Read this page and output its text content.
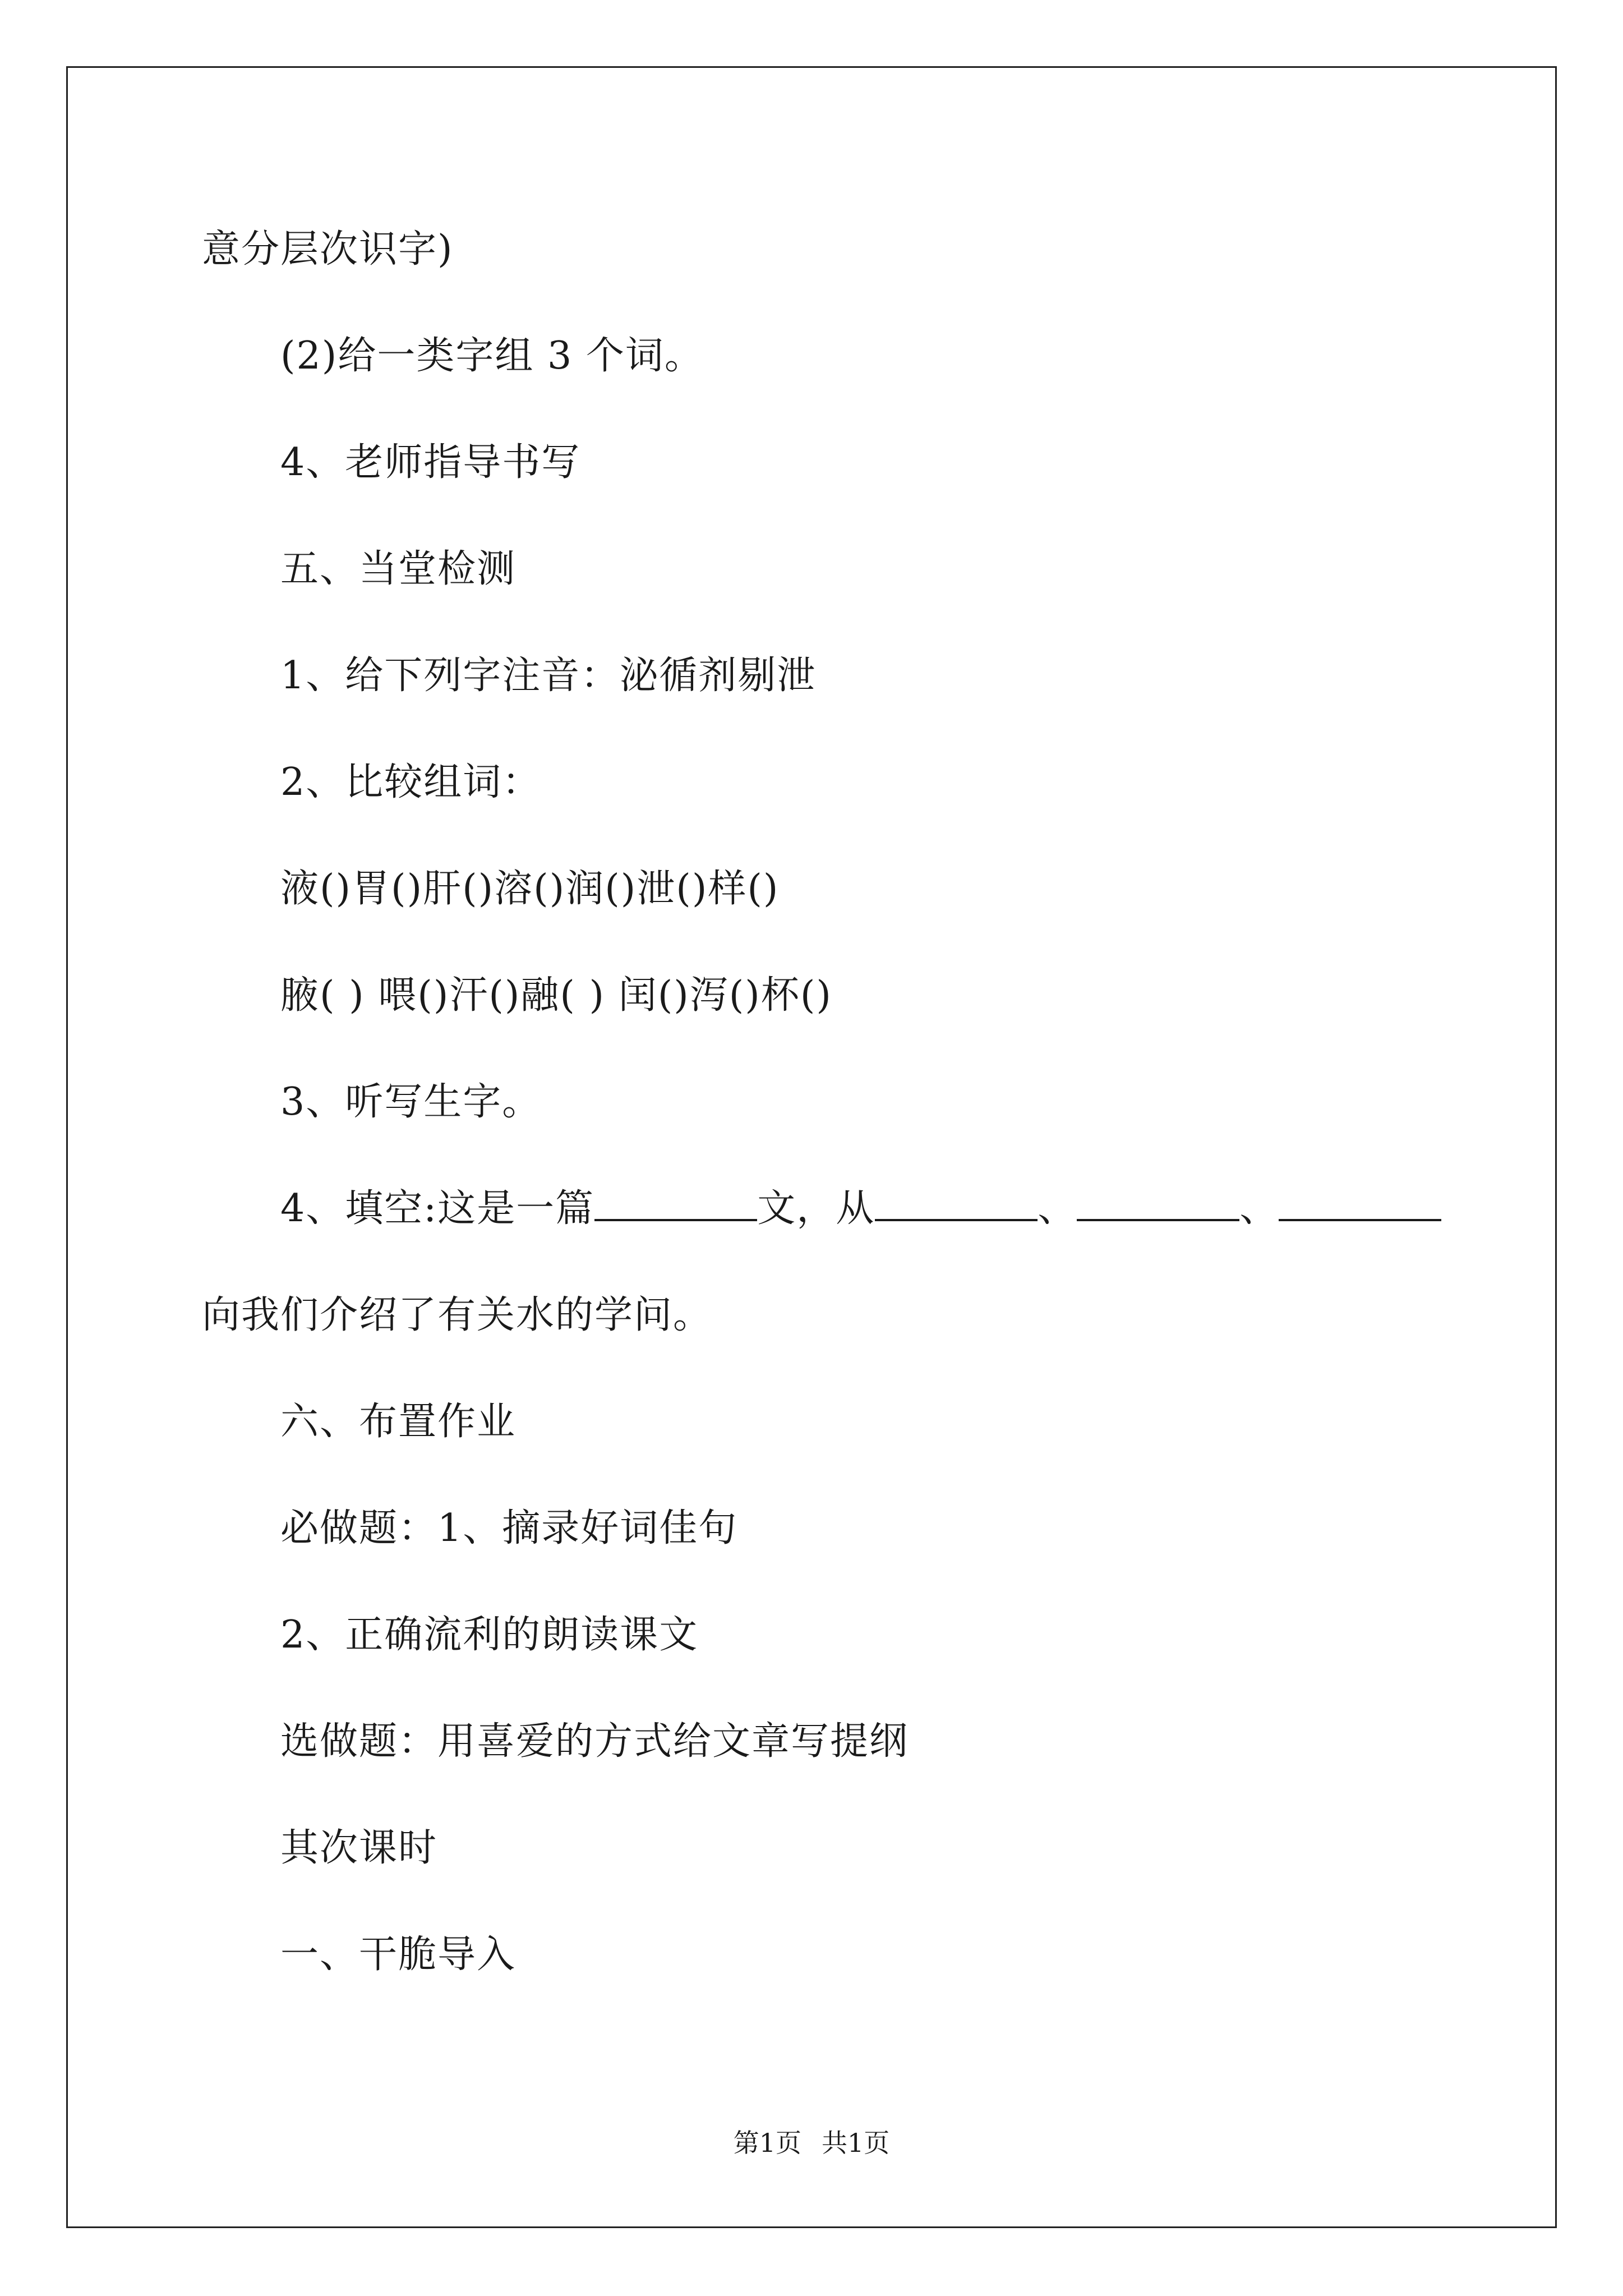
意分层次识字)
(2)给一类字组 3 个词。
4、老师指导书写
五、当堂检测
1、给下列字注音：泌循剂剔泄
2、比较组词：
液()胃()肝()溶()润()泄()样()
腋( ) 喂()汗()融( ) 闰()泻()杯()
3、听写生字。
4、填空:这是一篇	文，从	、	、
向我们介绍了有关水的学问。
六、布置作业
必做题：1、摘录好词佳句
2、正确流利的朗读课文
选做题：用喜爱的方式给文章写提纲
其次课时
一、干脆导入
第1页 共1页
